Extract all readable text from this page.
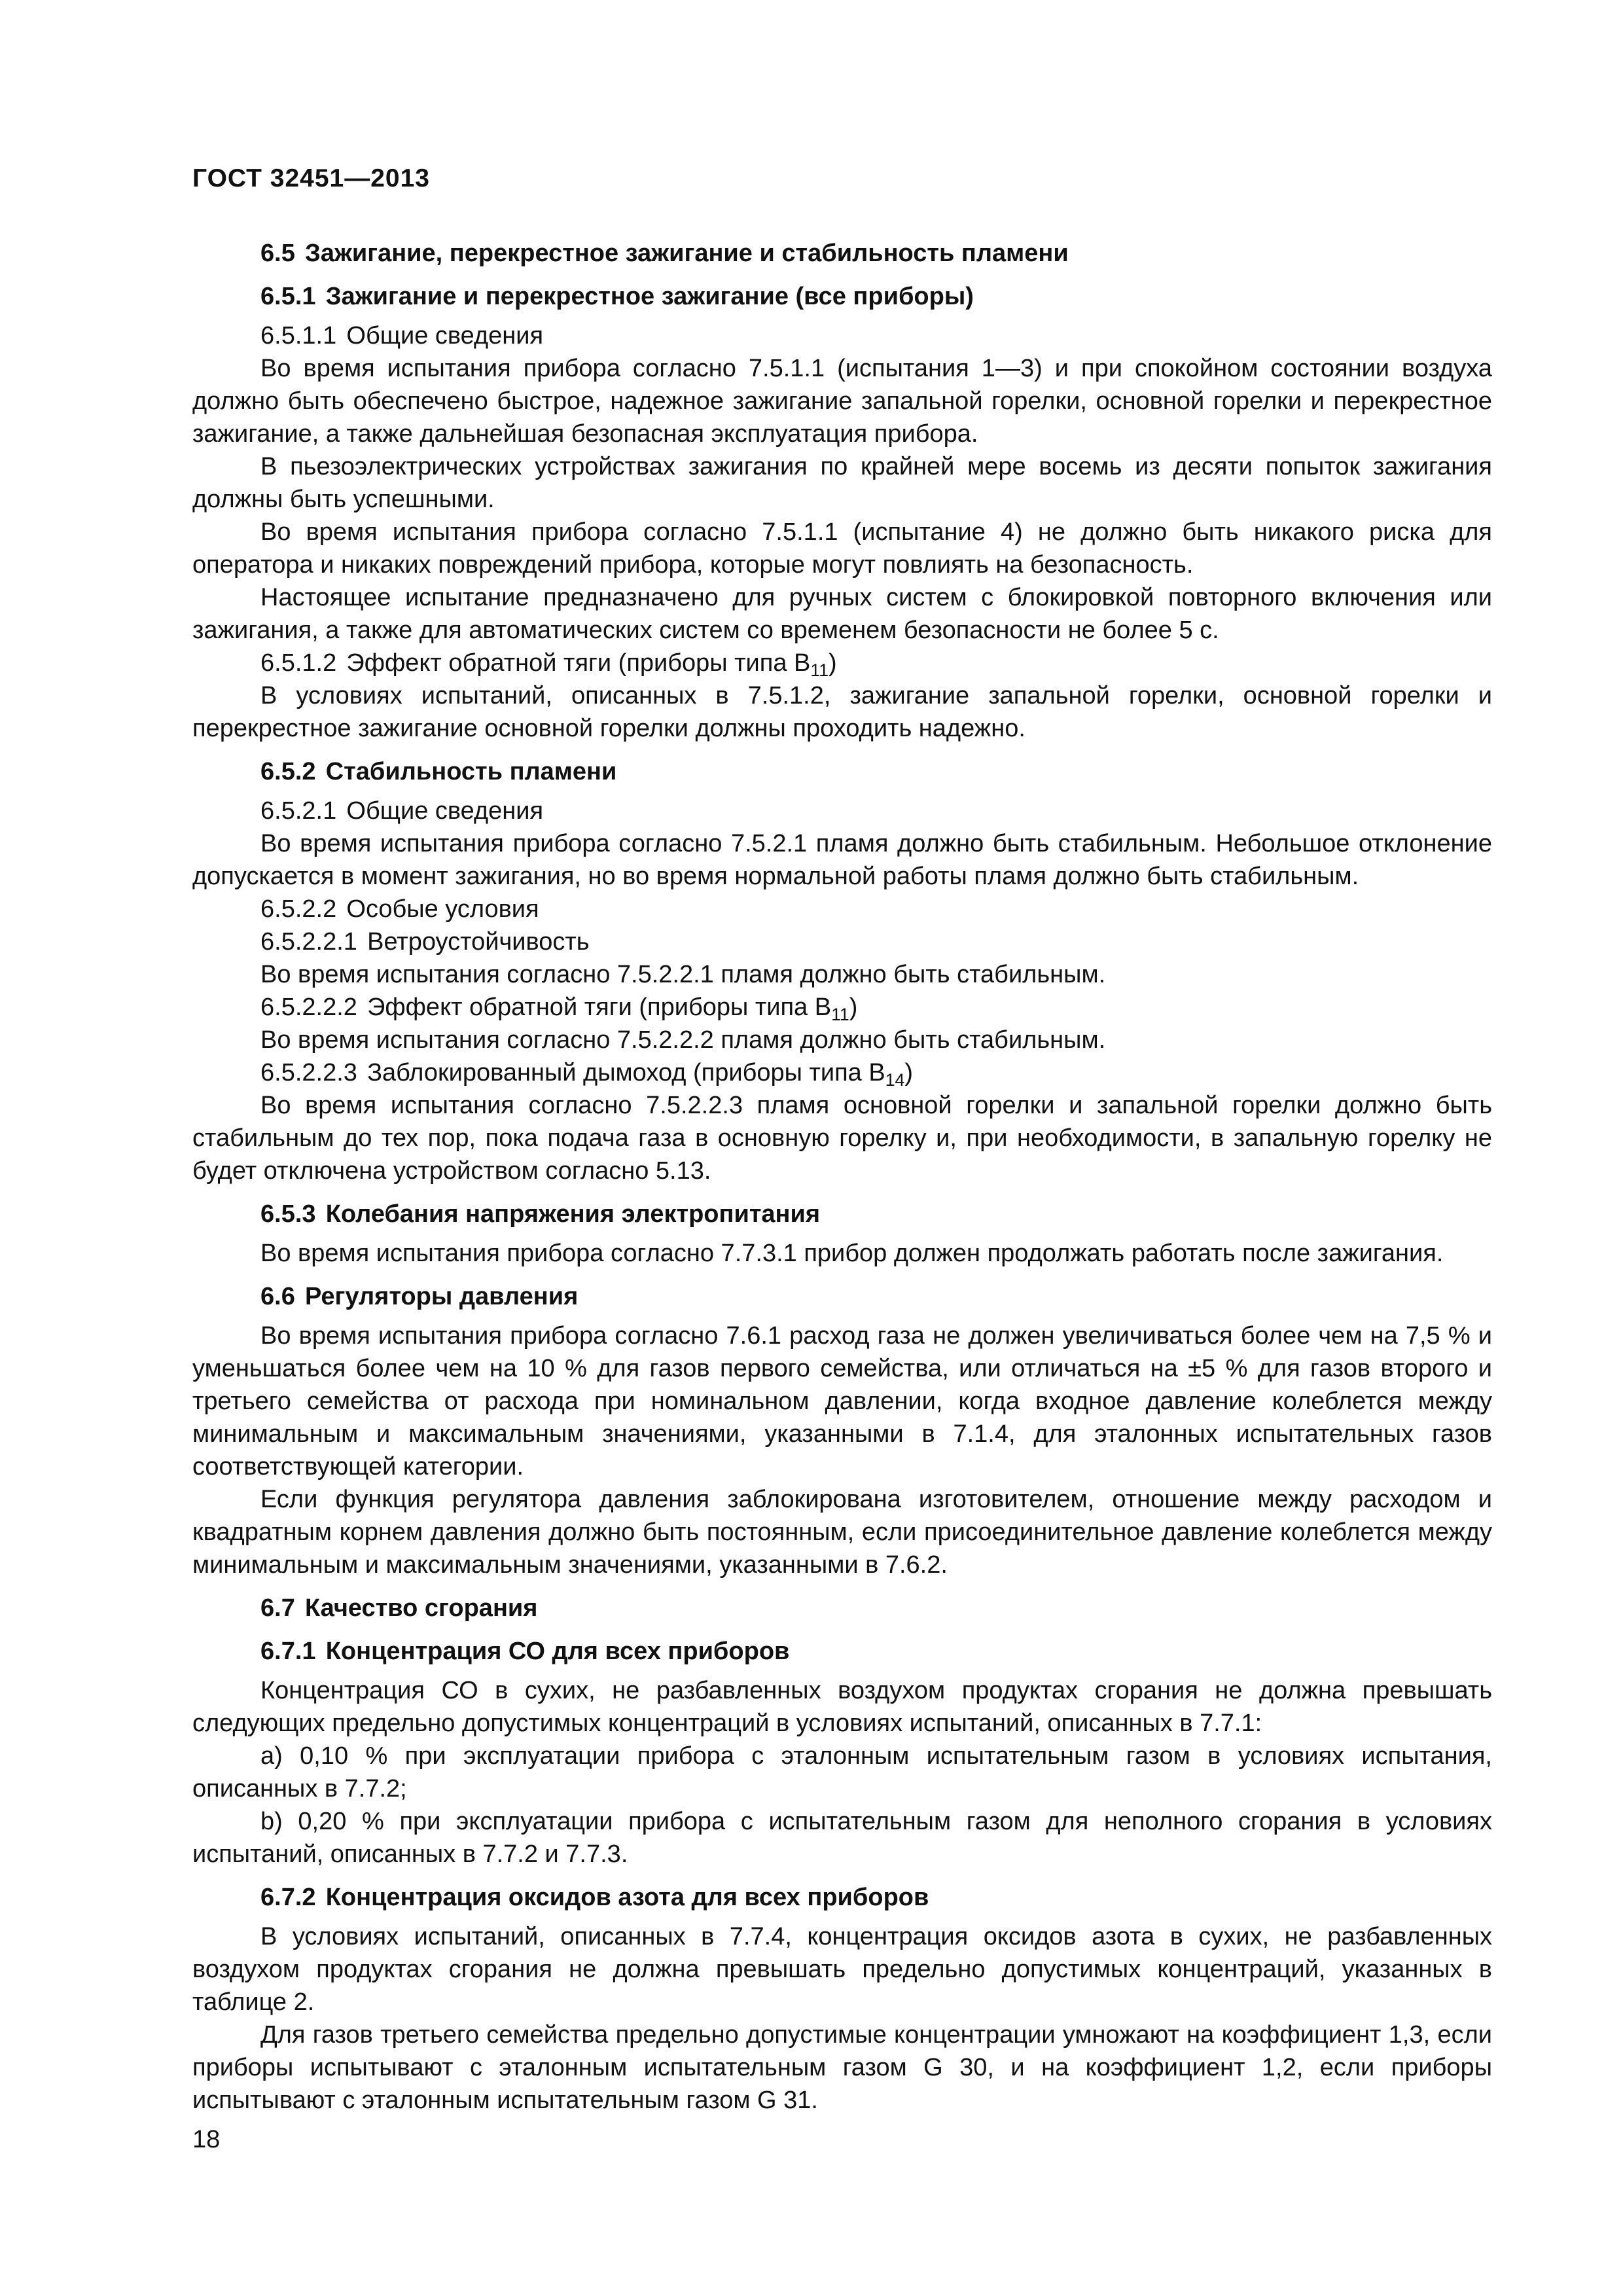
ГОСТ 32451—2013
6.5 Зажигание, перекрестное зажигание и стабильность пламени
6.5.1 Зажигание и перекрестное зажигание (все приборы)
6.5.1.1 Общие сведения

Во время испытания прибора согласно 7.5.1.1 (испытания 1—3) и при спокойном состоянии воздуха должно быть обеспечено быстрое, надежное зажигание запальной горелки, основной горелки и перекрестное зажигание, а также дальнейшая безопасная эксплуатация прибора.

В пьезоэлектрических устройствах зажигания по крайней мере восемь из десяти попыток зажигания должны быть успешными.

Во время испытания прибора согласно 7.5.1.1 (испытание 4) не должно быть никакого риска для оператора и никаких повреждений прибора, которые могут повлиять на безопасность.

Настоящее испытание предназначено для ручных систем с блокировкой повторного включения или зажигания, а также для автоматических систем со временем безопасности не более 5 с.

6.5.1.2 Эффект обратной тяги (приборы типа $В_{11}$)

В условиях испытаний, описанных в 7.5.1.2, зажигание запальной горелки, основной горелки и перекрестное зажигание основной горелки должны проходить надежно.

6.5.2 Стабильность пламени
6.5.2.1 Общие сведения

Во время испытания прибора согласно 7.5.2.1 пламя должно быть стабильным. Небольшое отклонение допускается в момент зажигания, но во время нормальной работы пламя должно быть стабильным.

6.5.2.2 Особые условия
6.5.2.2.1 Ветроустойчивость

Во время испытания согласно 7.5.2.2.1 пламя должно быть стабильным.

6.5.2.2.2 Эффект обратной тяги (приборы типа $В_{11}$)

Во время испытания согласно 7.5.2.2.2 пламя должно быть стабильным.

6.5.2.2.3 Заблокированный дымоход (приборы типа $В_{14}$)

Во время испытания согласно 7.5.2.2.3 пламя основной горелки и запальной горелки должно быть стабильным до тех пор, пока подача газа в основную горелку и, при необходимости, в запальную горелку не будет отключена устройством согласно 5.13.

6.5.3 Колебания напряжения электропитания

Во время испытания прибора согласно 7.7.3.1 прибор должен продолжать работать после зажигания.

6.6 Регуляторы давления

Во время испытания прибора согласно 7.6.1 расход газа не должен увеличиваться более чем на 7,5 % и уменьшаться более чем на 10 % для газов первого семейства, или отличаться на ±5 % для газов второго и третьего семейства от расхода при номинальном давлении, когда входное давление колеблется между минимальным и максимальным значениями, указанными в 7.1.4, для эталонных испытательных газов соответствующей категории.

Если функция регулятора давления заблокирована изготовителем, отношение между расходом и квадратным корнем давления должно быть постоянным, если присоединительное давление колеблется между минимальным и максимальным значениями, указанными в 7.6.2.

6.7 Качество сгорания
6.7.1 Концентрация СО для всех приборов

Концентрация СО в сухих, не разбавленных воздухом продуктах сгорания не должна превышать следующих предельно допустимых концентраций в условиях испытаний, описанных в 7.7.1:

a) 0,10 % при эксплуатации прибора с эталонным испытательным газом в условиях испытания, описанных в 7.7.2;

b) 0,20 % при эксплуатации прибора с испытательным газом для неполного сгорания в условиях испытаний, описанных в 7.7.2 и 7.7.3.

6.7.2 Концентрация оксидов азота для всех приборов

В условиях испытаний, описанных в 7.7.4, концентрация оксидов азота в сухих, не разбавленных воздухом продуктах сгорания не должна превышать предельно допустимых концентраций, указанных в таблице 2.

Для газов третьего семейства предельно допустимые концентрации умножают на коэффициент 1,3, если приборы испытывают с эталонным испытательным газом G 30, и на коэффициент 1,2, если приборы испытывают с эталонным испытательным газом G 31.

18
